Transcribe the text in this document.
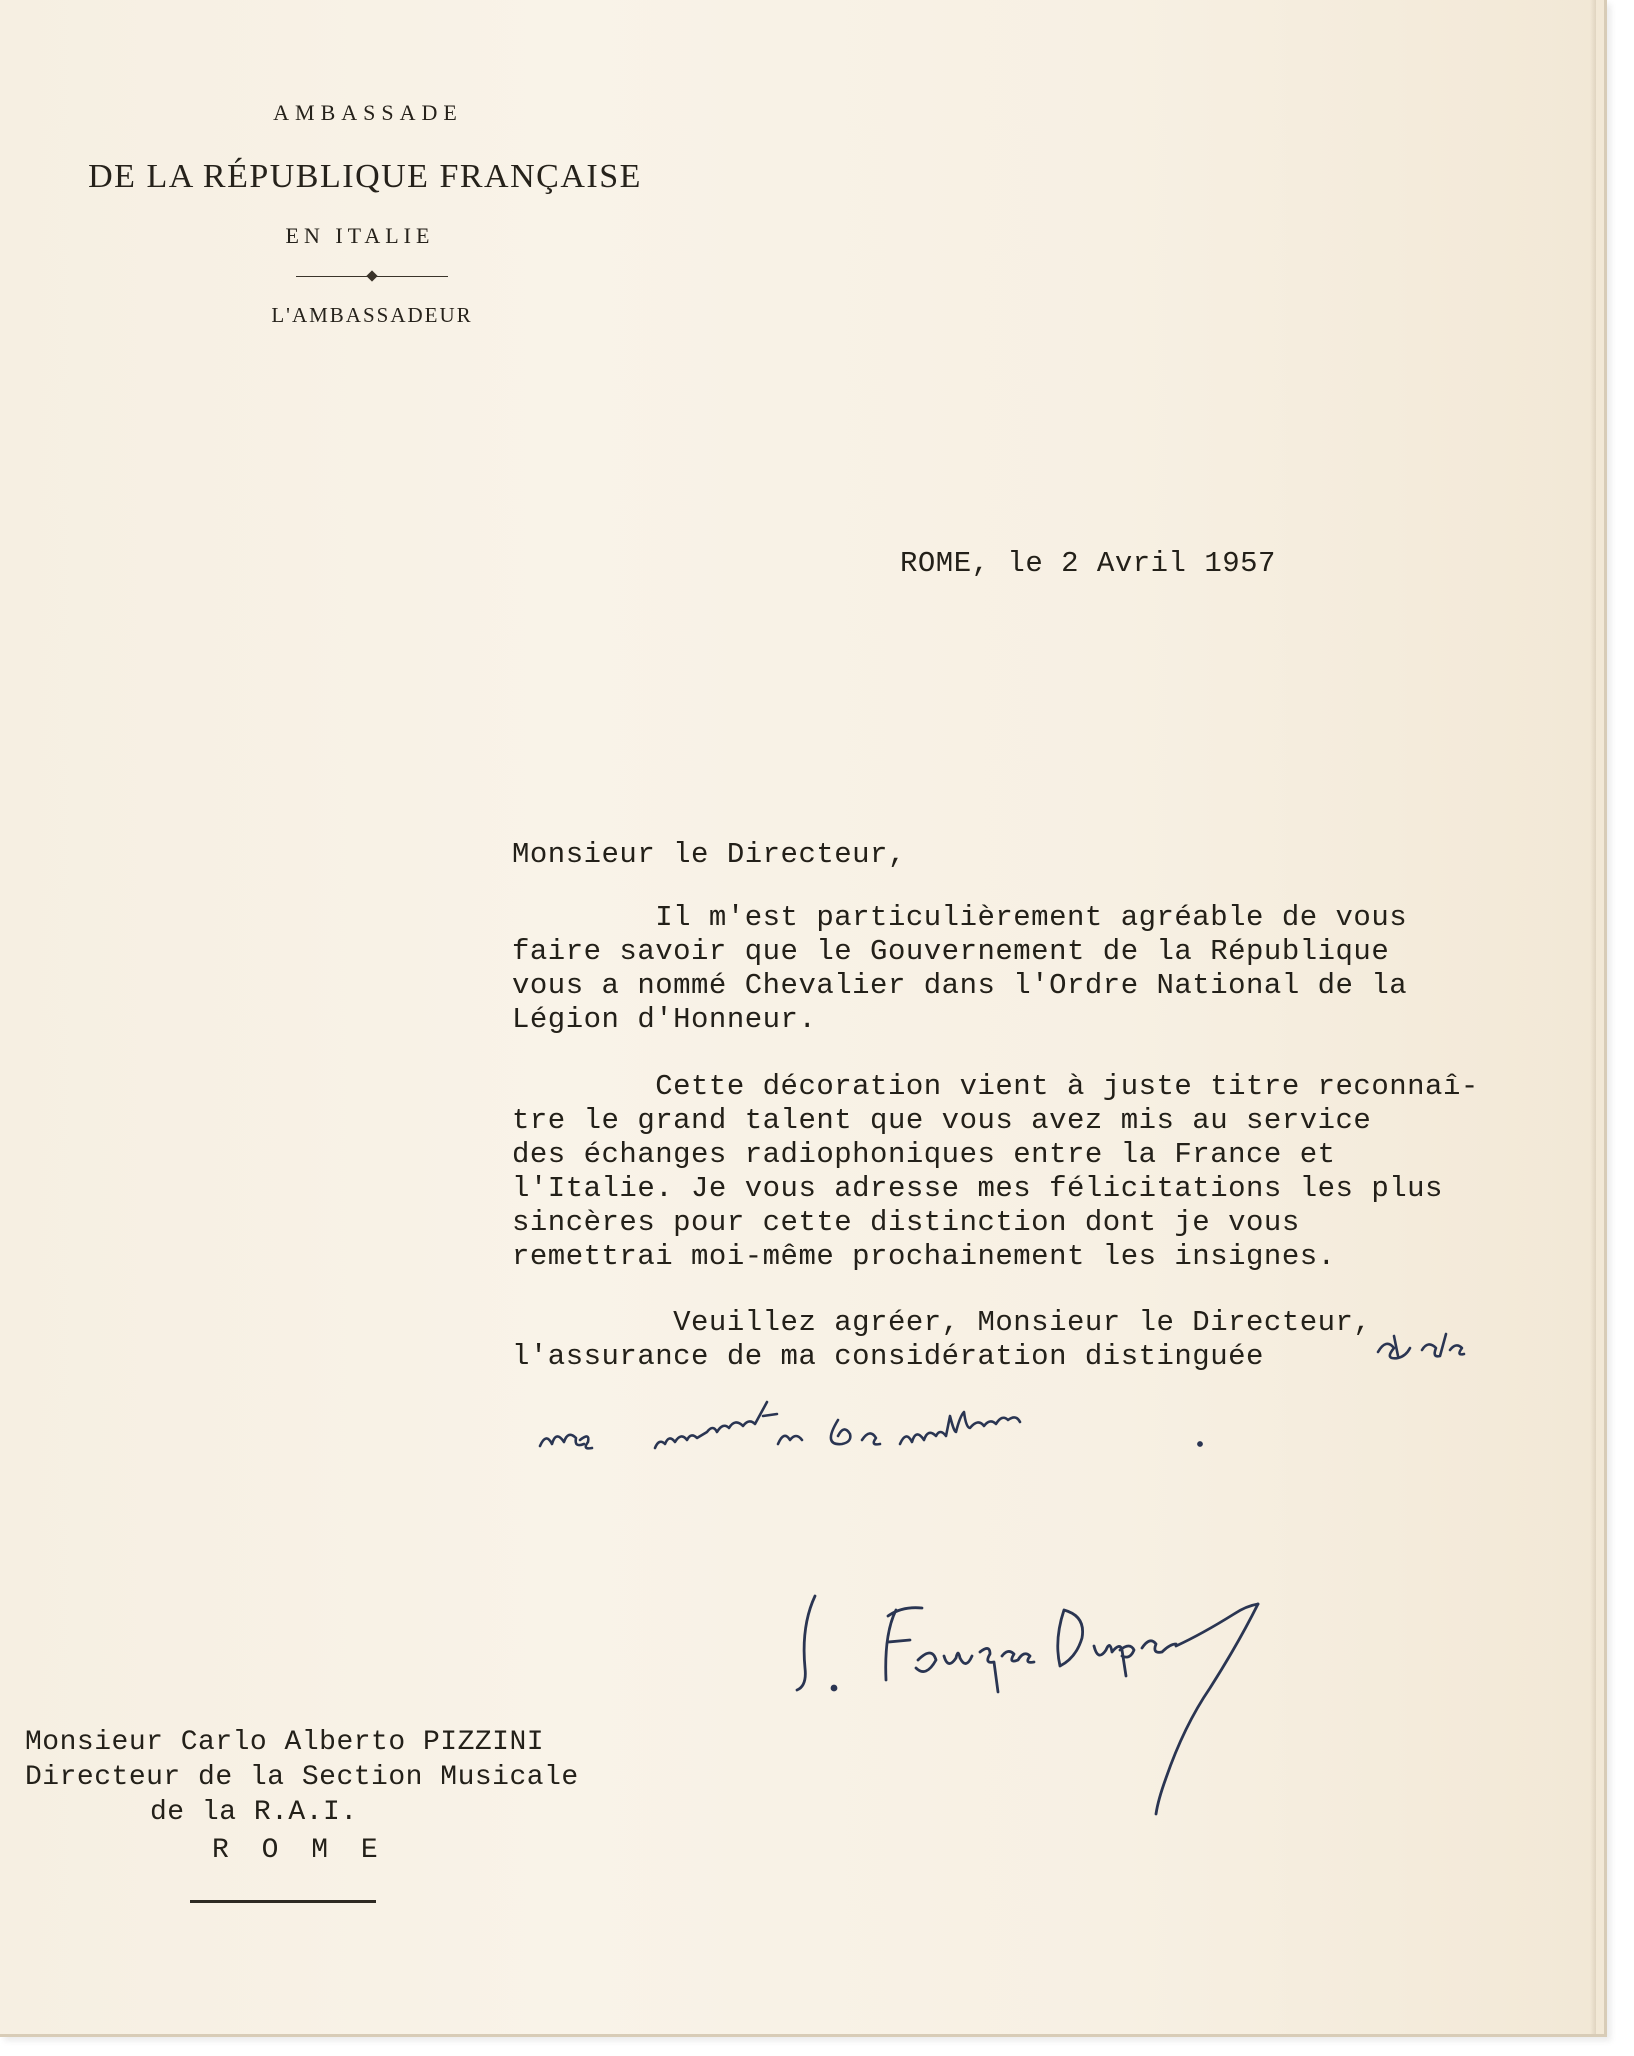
AMBASSADE
DE LA RÉPUBLIQUE FRANÇAISE
EN ITALIE
L'AMBASSADEUR
ROME, le 2 Avril 1957
Monsieur le Directeur,
Il m'est particulièrement agréable de vous
faire savoir que le Gouvernement de la République
vous a nommé Chevalier dans l'Ordre National de la
Légion d'Honneur.
Cette décoration vient à juste titre reconnaî-
tre le grand talent que vous avez mis au service
des échanges radiophoniques entre la France et
l'Italie. Je vous adresse mes félicitations les plus
sincères pour cette distinction dont je vous
remettrai moi-même prochainement les insignes.
Veuillez agréer, Monsieur le Directeur,
l'assurance de ma considération distinguée
Monsieur Carlo Alberto PIZZINI
Directeur de la Section Musicale
de la R.A.I.
R O M E
